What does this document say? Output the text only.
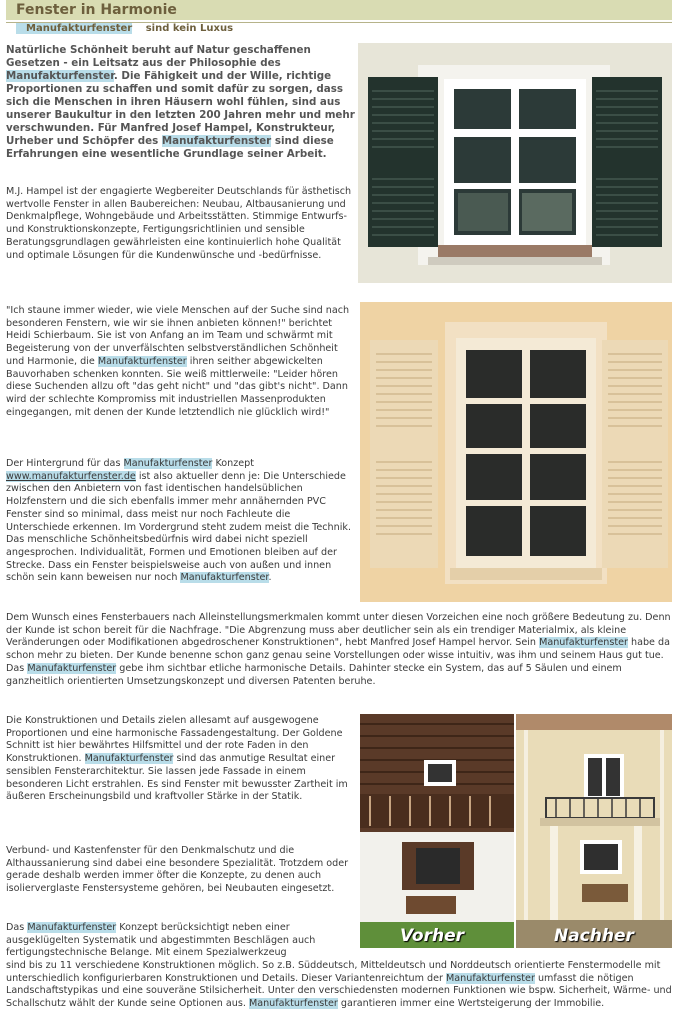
Fenster in Harmonie
Manufakturfenster sind kein Luxus
Natürliche Schönheit beruht auf Natur geschaffenen Gesetzen - ein Leitsatz aus der Philosophie des Manufakturfenster. Die Fähigkeit und der Wille, richtige Proportionen zu schaffen und somit dafür zu sorgen, dass sich die Menschen in ihren Häusern wohl fühlen, sind aus unserer Baukultur in den letzten 200 Jahren mehr und mehr verschwunden. Für Manfred Josef Hampel, Konstrukteur, Urheber und Schöpfer des Manufakturfenster sind diese Erfahrungen eine wesentliche Grundlage seiner Arbeit.
M.J. Hampel ist der engagierte Wegbereiter Deutschlands für ästhetisch wertvolle Fenster in allen Baubereichen: Neubau, Altbausanierung und Denkmalpflege, Wohngebäude und Arbeitsstätten. Stimmige Entwurfs- und Konstruktionskonzepte, Fertigungsrichtlinien und sensible Beratungsgrundlagen gewährleisten eine kontinuierlich hohe Qualität und optimale Lösungen für die Kundenwünsche und -bedürfnisse.
"Ich staune immer wieder, wie viele Menschen auf der Suche sind nach besonderen Fenstern, wie wir sie ihnen anbieten können!" berichtet Heidi Schierbaum. Sie ist von Anfang an im Team und schwärmt mit Begeisterung von der unverfälschten selbstverständlichen Schönheit und Harmonie, die Manufakturfenster ihren seither abgewickelten Bauvorhaben schenken konnten. Sie weiß mittlerweile: "Leider hören diese Suchenden allzu oft "das geht nicht" und "das gibt's nicht". Dann wird der schlechte Kompromiss mit industriellen Massenprodukten eingegangen, mit denen der Kunde letztendlich nie glücklich wird!"
Der Hintergrund für das Manufakturfenster Konzept www.manufakturfenster.de ist also aktueller denn je: Die Unterschiede zwischen den Anbietern von fast identischen handelsüblichen Holzfenstern und die sich ebenfalls immer mehr annähernden PVC Fenster sind so minimal, dass meist nur noch Fachleute die Unterschiede erkennen. Im Vordergrund steht zudem meist die Technik. Das menschliche Schönheitsbedürfnis wird dabei nicht speziell angesprochen. Individualität, Formen und Emotionen bleiben auf der Strecke. Dass ein Fenster beispielsweise auch von außen und innen schön sein kann beweisen nur noch Manufakturfenster.
Dem Wunsch eines Fensterbauers nach Alleinstellungsmerkmalen kommt unter diesen Vorzeichen eine noch größere Bedeutung zu. Denn der Kunde ist schon bereit für die Nachfrage. "Die Abgrenzung muss aber deutlicher sein als ein trendiger Materialmix, als kleine Veränderungen oder Modifikationen abgedroschener Konstruktionen", hebt Manfred Josef Hampel hervor. Sein Manufakturfenster habe da schon mehr zu bieten. Der Kunde benenne schon ganz genau seine Vorstellungen oder wisse intuitiv, was ihm und seinem Haus gut tue. Das Manufakturfenster gebe ihm sichtbar etliche harmonische Details. Dahinter stecke ein System, das auf 5 Säulen und einem ganzheitlich orientierten Umsetzungskonzept und diversen Patenten beruhe.
Die Konstruktionen und Details zielen allesamt auf ausgewogene Proportionen und eine harmonische Fassadengestaltung. Der Goldene Schnitt ist hier bewährtes Hilfsmittel und der rote Faden in den Konstruktionen. Manufakturfenster sind das anmutige Resultat einer sensiblen Fensterarchitektur. Sie lassen jede Fassade in einem besonderen Licht erstrahlen. Es sind Fenster mit bewusster Zartheit im äußeren Erscheinungsbild und kraftvoller Stärke in der Statik.
Verbund- und Kastenfenster für den Denkmalschutz und die Althaussanierung sind dabei eine besondere Spezialität. Trotzdem oder gerade deshalb werden immer öfter die Konzepte, zu denen auch isolierverglaste Fenstersysteme gehören, bei Neubauten eingesetzt.
Das Manufakturfenster Konzept berücksichtigt neben einer ausgeklügelten Systematik und abgestimmten Beschlägen auch fertigungstechnische Belange. Mit einem Spezialwerkzeug
sind bis zu 11 verschiedene Konstruktionen möglich. So z.B. Süddeutsch, Mitteldeutsch und Norddeutsch orientierte Fenstermodelle mit unterschiedlich konfigurierbaren Konstruktionen und Details. Dieser Variantenreichtum der Manufakturfenster umfasst die nötigen Landschaftstypikas und eine souveräne Stilsicherheit. Unter den verschiedensten modernen Funktionen wie bspw. Sicherheit, Wärme- und Schallschutz wählt der Kunde seine Optionen aus. Manufakturfenster garantieren immer eine Wertsteigerung der Immobilie.
Vorher	Nachher
